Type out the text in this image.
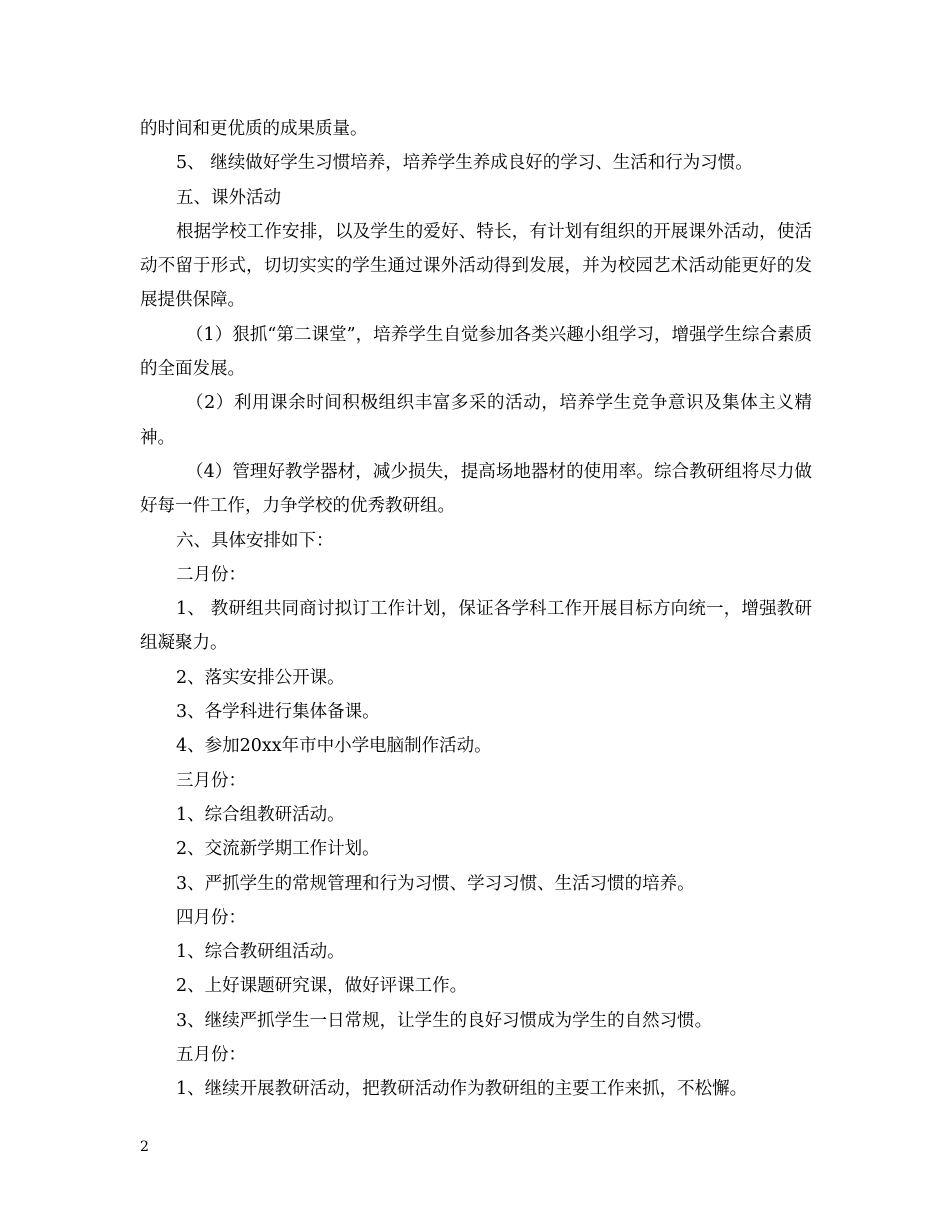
的时间和更优质的成果质量。

5、 继续做好学生习惯培养，培养学生养成良好的学习、生活和行为习惯。

五、课外活动

根据学校工作安排，以及学生的爱好、特长，有计划有组织的开展课外活动，使活动不留于形式，切切实实的学生通过课外活动得到发展，并为校园艺术活动能更好的发展提供保障。

（1）狠抓“第二课堂”，培养学生自觉参加各类兴趣小组学习，增强学生综合素质的全面发展。

（2）利用课余时间积极组织丰富多采的活动，培养学生竞争意识及集体主义精神。

（4）管理好教学器材，减少损失，提高场地器材的使用率。综合教研组将尽力做好每一件工作，力争学校的优秀教研组。

六、具体安排如下：

二月份：

1、 教研组共同商讨拟订工作计划，保证各学科工作开展目标方向统一，增强教研组凝聚力。

2、落实安排公开课。

3、各学科进行集体备课。

4、参加20xx年市中小学电脑制作活动。

三月份：

1、综合组教研活动。

2、交流新学期工作计划。

3、严抓学生的常规管理和行为习惯、学习习惯、生活习惯的培养。

四月份：

1、综合教研组活动。

2、上好课题研究课，做好评课工作。

3、继续严抓学生一日常规，让学生的良好习惯成为学生的自然习惯。

五月份：

1、继续开展教研活动，把教研活动作为教研组的主要工作来抓，不松懈。

2
